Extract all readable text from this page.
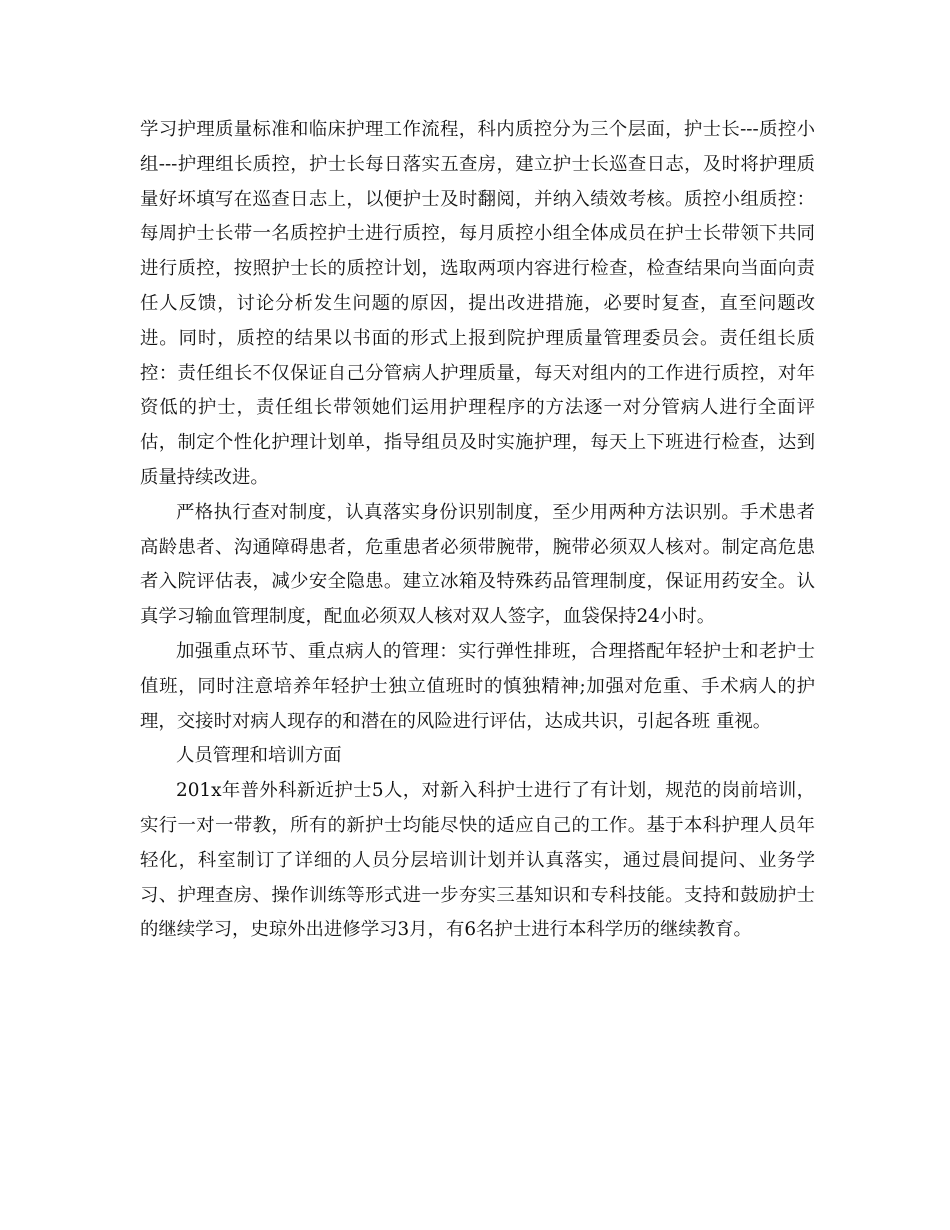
学习护理质量标准和临床护理工作流程，科内质控分为三个层面，护士长---质控小组---护理组长质控，护士长每日落实五查房，建立护士长巡查日志，及时将护理质量好坏填写在巡查日志上，以便护士及时翻阅，并纳入绩效考核。质控小组质控：每周护士长带一名质控护士进行质控，每月质控小组全体成员在护士长带领下共同进行质控，按照护士长的质控计划，选取两项内容进行检查，检查结果向当面向责任人反馈，讨论分析发生问题的原因，提出改进措施，必要时复查，直至问题改进。同时，质控的结果以书面的形式上报到院护理质量管理委员会。责任组长质控：责任组长不仅保证自己分管病人护理质量，每天对组内的工作进行质控，对年资低的护士，责任组长带领她们运用护理程序的方法逐一对分管病人进行全面评估，制定个性化护理计划单，指导组员及时实施护理，每天上下班进行检查，达到质量持续改进。

严格执行查对制度，认真落实身份识别制度，至少用两种方法识别。手术患者高龄患者、沟通障碍患者，危重患者必须带腕带，腕带必须双人核对。制定高危患者入院评估表，减少安全隐患。建立冰箱及特殊药品管理制度，保证用药安全。认真学习输血管理制度，配血必须双人核对双人签字，血袋保持24小时。

加强重点环节、重点病人的管理：实行弹性排班，合理搭配年轻护士和老护士值班，同时注意培养年轻护士独立值班时的慎独精神;加强对危重、手术病人的护理，交接时对病人现存的和潜在的风险进行评估，达成共识，引起各班 重视。

人员管理和培训方面

201x年普外科新近护士5人，对新入科护士进行了有计划，规范的岗前培训，实行一对一带教，所有的新护士均能尽快的适应自己的工作。基于本科护理人员年轻化，科室制订了详细的人员分层培训计划并认真落实，通过晨间提问、业务学习、护理查房、操作训练等形式进一步夯实三基知识和专科技能。支持和鼓励护士的继续学习，史琼外出进修学习3月，有6名护士进行本科学历的继续教育。
